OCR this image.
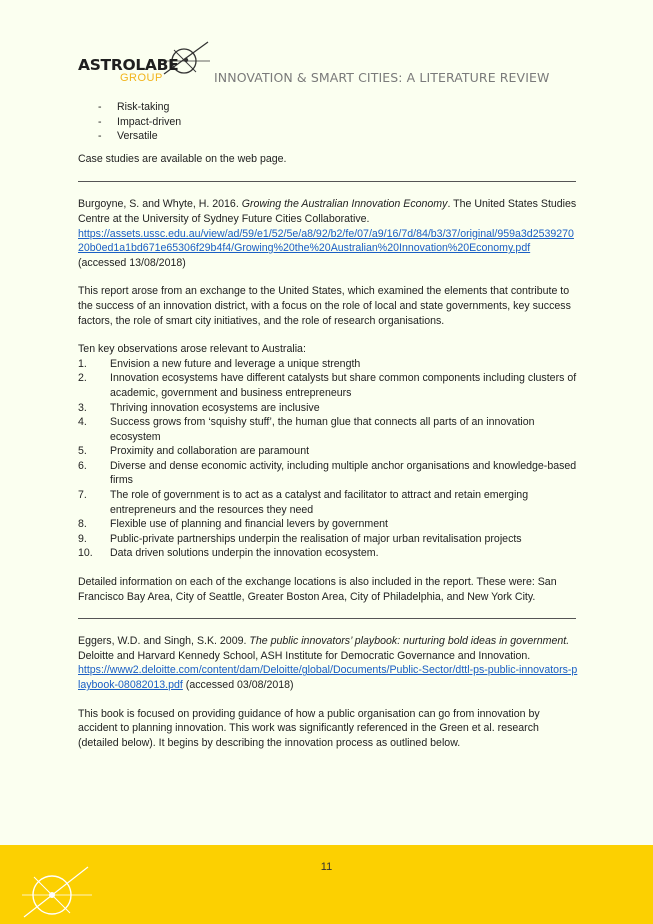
ASTROLABE
GROUP	INNOVATION & SMART CITIES: A LITERATURE REVIEW
-	Risk-taking
-	Impact-driven
-	Versatile

Case studies are available on the web page.

Burgoyne, S. and Whyte, H. 2016. Growing the Australian Innovation Economy. The United States Studies Centre at the University of Sydney Future Cities Collaborative.
https://assets.ussc.edu.au/view/ad/59/e1/52/5e/a8/92/b2/fe/07/a9/16/7d/84/b3/37/original/959a3d253927020b0ed1a1bd671e65306f29b4f4/Growing%20the%20Australian%20Innovation%20Economy.pdf (accessed 13/08/2018)

This report arose from an exchange to the United States, which examined the elements that contribute to the success of an innovation district, with a focus on the role of local and state governments, key success factors, the role of smart city initiatives, and the role of research organisations.

Ten key observations arose relevant to Australia:

1.	Envision a new future and leverage a unique strength
2.	Innovation ecosystems have different catalysts but share common components including clusters of academic, government and business entrepreneurs
3.	Thriving innovation ecosystems are inclusive
4.	Success grows from ‘squishy stuff’, the human glue that connects all parts of an innovation ecosystem
5.	Proximity and collaboration are paramount
6.	Diverse and dense economic activity, including multiple anchor organisations and knowledge-based firms
7.	The role of government is to act as a catalyst and facilitator to attract and retain emerging entrepreneurs and the resources they need
8.	Flexible use of planning and financial levers by government
9.	Public-private partnerships underpin the realisation of major urban revitalisation projects
10.	Data driven solutions underpin the innovation ecosystem.

Detailed information on each of the exchange locations is also included in the report. These were: San Francisco Bay Area, City of Seattle, Greater Boston Area, City of Philadelphia, and New York City.

Eggers, W.D. and Singh, S.K. 2009. The public innovators’ playbook: nurturing bold ideas in government. Deloitte and Harvard Kennedy School, ASH Institute for Democratic Governance and Innovation.
https://www2.deloitte.com/content/dam/Deloitte/global/Documents/Public-Sector/dttl-ps-public-innovators-playbook-08082013.pdf (accessed 03/08/2018)

This book is focused on providing guidance of how a public organisation can go from innovation by accident to planning innovation. This work was significantly referenced in the Green et al. research (detailed below). It begins by describing the innovation process as outlined below.

11
